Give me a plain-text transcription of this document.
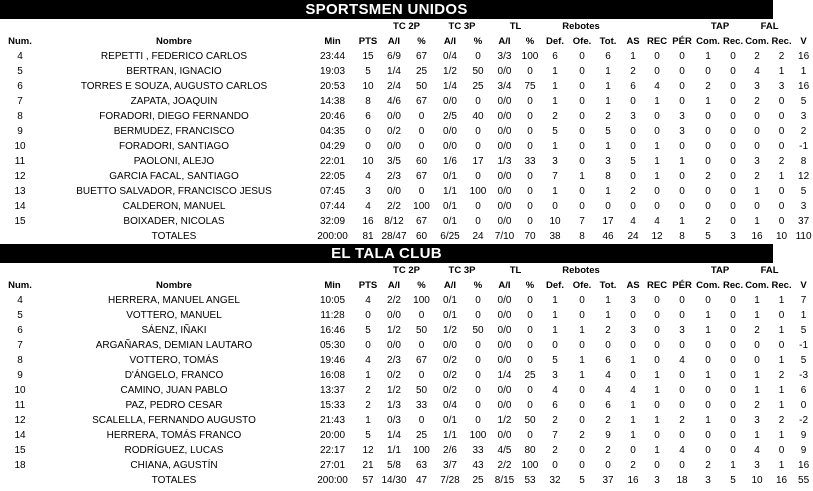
SPORTSMEN UNIDOS
				TC 2P		TC 3P		TL		Rebotes						TAP		FAL		
Num.	Nombre	Min	PTS	A/I	%	A/I	%	A/I	%	Def.	Ofe.	Tot.	AS	REC	PÉR	Com.	Rec.	Com.	Rec.	V
4	REPETTI , FEDERICO CARLOS	23:44	15	6/9	67	0/4	0	3/3	100	6	0	6	1	0	0	1	0	2	2	16
5	BERTRAN, IGNACIO	19:03	5	1/4	25	1/2	50	0/0	0	1	0	1	2	0	0	0	0	4	1	1
6	TORRES E SOUZA, AUGUSTO CARLOS	20:53	10	2/4	50	1/4	25	3/4	75	1	0	1	6	4	0	2	0	3	3	16
7	ZAPATA, JOAQUIN	14:38	8	4/6	67	0/0	0	0/0	0	1	0	1	0	1	0	1	0	2	0	5
8	FORADORI, DIEGO FERNANDO	20:46	6	0/0	0	2/5	40	0/0	0	2	0	2	3	0	3	0	0	0	0	3
9	BERMUDEZ, FRANCISCO	04:35	0	0/2	0	0/0	0	0/0	0	5	0	5	0	0	3	0	0	0	0	2
10	FORADORI, SANTIAGO	04:29	0	0/0	0	0/0	0	0/0	0	1	0	1	0	1	0	0	0	0	0	-1
11	PAOLONI, ALEJO	22:01	10	3/5	60	1/6	17	1/3	33	3	0	3	5	1	1	0	0	3	2	8
12	GARCIA FACAL, SANTIAGO	22:05	4	2/3	67	0/1	0	0/0	0	7	1	8	0	1	0	2	0	2	1	12
13	BUETTO SALVADOR, FRANCISCO JESUS	07:45	3	0/0	0	1/1	100	0/0	0	1	0	1	2	0	0	0	0	1	0	5
14	CALDERON, MANUEL	07:44	4	2/2	100	0/1	0	0/0	0	0	0	0	0	0	0	0	0	0	0	3
15	BOIXADER, NICOLAS	32:09	16	8/12	67	0/1	0	0/0	0	10	7	17	4	4	1	2	0	1	0	37
	TOTALES	200:00	81	28/47	60	6/25	24	7/10	70	38	8	46	24	12	8	5	3	16	10	110
EL TALA CLUB
				TC 2P		TC 3P		TL		Rebotes						TAP		FAL		
Num.	Nombre	Min	PTS	A/I	%	A/I	%	A/I	%	Def.	Ofe.	Tot.	AS	REC	PÉR	Com.	Rec.	Com.	Rec.	V
4	HERRERA, MANUEL ANGEL	10:05	4	2/2	100	0/1	0	0/0	0	1	0	1	3	0	0	0	0	1	1	7
5	VOTTERO, MANUEL	11:28	0	0/0	0	0/1	0	0/0	0	1	0	1	0	0	0	1	0	1	0	1
6	SÁENZ, IÑAKI	16:46	5	1/2	50	1/2	50	0/0	0	1	1	2	3	0	3	1	0	2	1	5
7	ARGAÑARAS, DEMIAN LAUTARO	05:30	0	0/0	0	0/0	0	0/0	0	0	0	0	0	0	0	0	0	0	0	-1
8	VOTTERO, TOMÁS	19:46	4	2/3	67	0/2	0	0/0	0	5	1	6	1	0	4	0	0	0	1	5
9	D'ÁNGELO, FRANCO	16:08	1	0/2	0	0/2	0	1/4	25	3	1	4	0	1	0	1	0	1	2	-3
10	CAMINO, JUAN PABLO	13:37	2	1/2	50	0/2	0	0/0	0	4	0	4	4	1	0	0	0	1	1	6
11	PAZ, PEDRO CESAR	15:33	2	1/3	33	0/4	0	0/0	0	6	0	6	1	0	0	0	0	2	1	0
12	SCALELLA, FERNANDO AUGUSTO	21:43	1	0/3	0	0/1	0	1/2	50	2	0	2	1	1	2	1	0	3	2	-2
14	HERRERA, TOMÁS FRANCO	20:00	5	1/4	25	1/1	100	0/0	0	7	2	9	1	0	0	0	0	1	1	9
15	RODRÍGUEZ, LUCAS	22:17	12	1/1	100	2/6	33	4/5	80	2	0	2	0	1	4	0	0	4	0	9
18	CHIANA, AGUSTÍN	27:01	21	5/8	63	3/7	43	2/2	100	0	0	0	2	0	0	2	1	3	1	16
	TOTALES	200:00	57	14/30	47	7/28	25	8/15	53	32	5	37	16	3	18	3	5	10	16	55
